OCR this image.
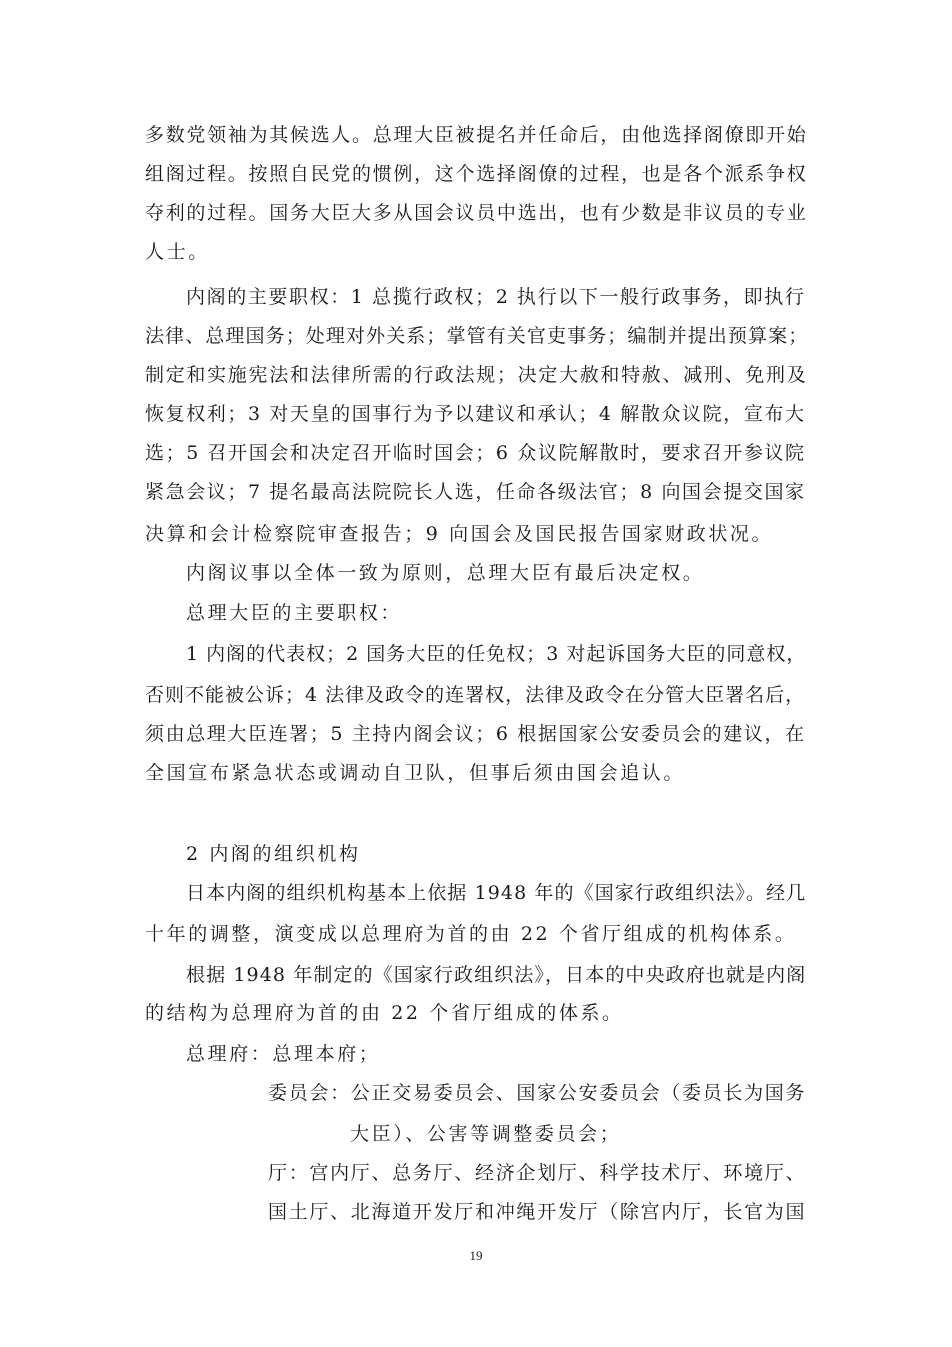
多数党领袖为其候选人。总理大臣被提名并任命后，由他选择阁僚即开始
组阁过程。按照自民党的惯例，这个选择阁僚的过程，也是各个派系争权
夺利的过程。国务大臣大多从国会议员中选出，也有少数是非议员的专业
人士。
内阁的主要职权：1 总揽行政权；2 执行以下一般行政事务，即执行
法律、总理国务；处理对外关系；掌管有关官吏事务；编制并提出预算案；
制定和实施宪法和法律所需的行政法规；决定大赦和特赦、减刑、免刑及
恢复权利；3 对天皇的国事行为予以建议和承认；4 解散众议院，宣布大
选；5 召开国会和决定召开临时国会；6 众议院解散时，要求召开参议院
紧急会议；7 提名最高法院院长人选，任命各级法官；8 向国会提交国家
决算和会计检察院审查报告；9 向国会及国民报告国家财政状况。
内阁议事以全体一致为原则，总理大臣有最后决定权。
总理大臣的主要职权：
1 内阁的代表权；2 国务大臣的任免权；3 对起诉国务大臣的同意权，
否则不能被公诉；4 法律及政令的连署权，法律及政令在分管大臣署名后，
须由总理大臣连署；5 主持内阁会议；6 根据国家公安委员会的建议，在
全国宣布紧急状态或调动自卫队，但事后须由国会追认。
2 内阁的组织机构
日本内阁的组织机构基本上依据 1948 年的《国家行政组织法》。经几
十年的调整，演变成以总理府为首的由 22 个省厅组成的机构体系。
根据 1948 年制定的《国家行政组织法》，日本的中央政府也就是内阁
的结构为总理府为首的由 22 个省厅组成的体系。
总理府：总理本府；
委员会：公正交易委员会、国家公安委员会（委员长为国务
大臣）、公害等调整委员会；
厅：宫内厅、总务厅、经济企划厅、科学技术厅、环境厅、
国土厅、北海道开发厅和冲绳开发厅（除宫内厅，长官为国
19
